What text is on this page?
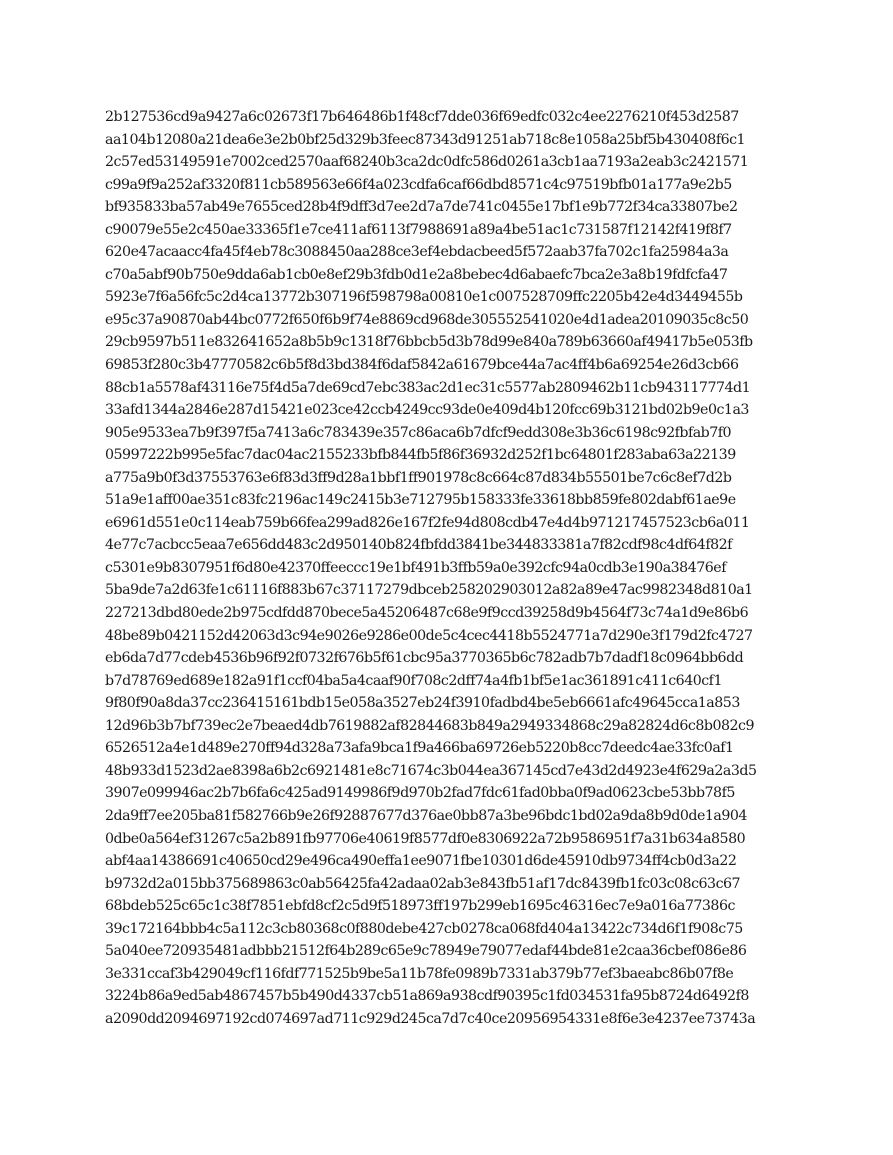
2b127536cd9a9427a6c02673f17b646486b1f48cf7dde036f69edfc032c4ee2276210f453d2587
aa104b12080a21dea6e3e2b0bf25d329b3feec87343d91251ab718c8e1058a25bf5b430408f6c1
2c57ed53149591e7002ced2570aaf68240b3ca2dc0dfc586d0261a3cb1aa7193a2eab3c2421571
c99a9f9a252af3320f811cb589563e66f4a023cdfa6caf66dbd8571c4c97519bfb01a177a9e2b5
bf935833ba57ab49e7655ced28b4f9dff3d7ee2d7a7de741c0455e17bf1e9b772f34ca33807be2
c90079e55e2c450ae33365f1e7ce411af6113f7988691a89a4be51ac1c731587f12142f419f8f7
620e47acaacc4fa45f4eb78c3088450aa288ce3ef4ebdacbeed5f572aab37fa702c1fa25984a3a
c70a5abf90b750e9dda6ab1cb0e8ef29b3fdb0d1e2a8bebec4d6abaefc7bca2e3a8b19fdfcfa47
5923e7f6a56fc5c2d4ca13772b307196f598798a00810e1c007528709ffc2205b42e4d3449455b
e95c37a90870ab44bc0772f650f6b9f74e8869cd968de305552541020e4d1adea20109035c8c50
29cb9597b511e832641652a8b5b9c1318f76bbcb5d3b78d99e840a789b63660af49417b5e053fb
69853f280c3b47770582c6b5f8d3bd384f6daf5842a61679bce44a7ac4ff4b6a69254e26d3cb66
88cb1a5578af43116e75f4d5a7de69cd7ebc383ac2d1ec31c5577ab2809462b11cb943117774d1
33afd1344a2846e287d15421e023ce42ccb4249cc93de0e409d4b120fcc69b3121bd02b9e0c1a3
905e9533ea7b9f397f5a7413a6c783439e357c86aca6b7dfcf9edd308e3b36c6198c92fbfab7f0
05997222b995e5fac7dac04ac2155233bfb844fb5f86f36932d252f1bc64801f283aba63a22139
a775a9b0f3d37553763e6f83d3ff9d28a1bbf1ff901978c8c664c87d834b55501be7c6c8ef7d2b
51a9e1aff00ae351c83fc2196ac149c2415b3e712795b158333fe33618bb859fe802dabf61ae9e
e6961d551e0c114eab759b66fea299ad826e167f2fe94d808cdb47e4d4b971217457523cb6a011
4e77c7acbcc5eaa7e656dd483c2d950140b824fbfdd3841be344833381a7f82cdf98c4df64f82f
c5301e9b8307951f6d80e42370ffeeccc19e1bf491b3ffb59a0e392cfc94a0cdb3e190a38476ef
5ba9de7a2d63fe1c61116f883b67c37117279dbceb258202903012a82a89e47ac9982348d810a1
227213dbd80ede2b975cdfdd870bece5a45206487c68e9f9ccd39258d9b4564f73c74a1d9e86b6
48be89b0421152d42063d3c94e9026e9286e00de5c4cec4418b5524771a7d290e3f179d2fc4727
eb6da7d77cdeb4536b96f92f0732f676b5f61cbc95a3770365b6c782adb7b7dadf18c0964bb6dd
b7d78769ed689e182a91f1ccf04ba5a4caaf90f708c2dff74a4fb1bf5e1ac361891c411c640cf1
9f80f90a8da37cc236415161bdb15e058a3527eb24f3910fadbd4be5eb6661afc49645cca1a853
12d96b3b7bf739ec2e7beaed4db7619882af82844683b849a2949334868c29a82824d6c8b082c9
6526512a4e1d489e270ff94d328a73afa9bca1f9a466ba69726eb5220b8cc7deedc4ae33fc0af1
48b933d1523d2ae8398a6b2c6921481e8c71674c3b044ea367145cd7e43d2d4923e4f629a2a3d5
3907e099946ac2b7b6fa6c425ad9149986f9d970b2fad7fdc61fad0bba0f9ad0623cbe53bb78f5
2da9ff7ee205ba81f582766b9e26f92887677d376ae0bb87a3be96bdc1bd02a9da8b9d0de1a904
0dbe0a564ef31267c5a2b891fb97706e40619f8577df0e8306922a72b9586951f7a31b634a8580
abf4aa14386691c40650cd29e496ca490effa1ee9071fbe10301d6de45910db9734ff4cb0d3a22
b9732d2a015bb375689863c0ab56425fa42adaa02ab3e843fb51af17dc8439fb1fc03c08c63c67
68bdeb525c65c1c38f7851ebfd8cf2c5d9f518973ff197b299eb1695c46316ec7e9a016a77386c
39c172164bbb4c5a112c3cb80368c0f880debe427cb0278ca068fd404a13422c734d6f1f908c75
5a040ee720935481adbbb21512f64b289c65e9c78949e79077edaf44bde81e2caa36cbef086e86
3e331ccaf3b429049cf116fdf771525b9be5a11b78fe0989b7331ab379b77ef3baeabc86b07f8e
3224b86a9ed5ab4867457b5b490d4337cb51a869a938cdf90395c1fd034531fa95b8724d6492f8
a2090dd2094697192cd074697ad711c929d245ca7d7c40ce20956954331e8f6e3e4237ee73743a
